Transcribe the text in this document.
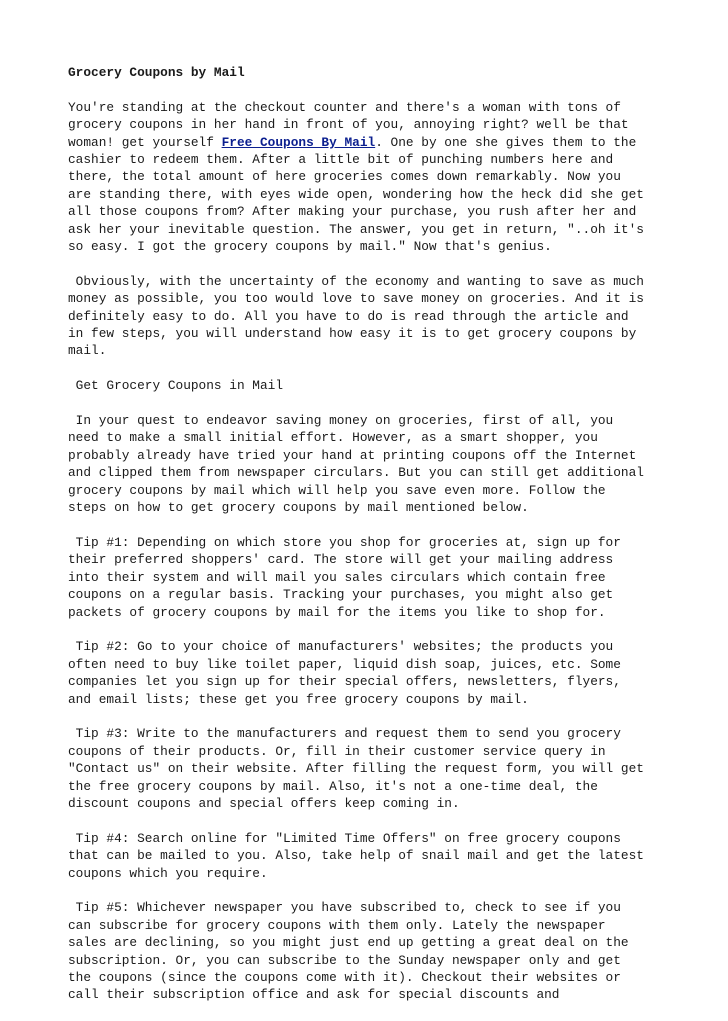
Grocery Coupons by Mail
You're standing at the checkout counter and there's a woman with tons of
grocery coupons in her hand in front of you, annoying right? well be that
woman! get yourself Free Coupons By Mail. One by one she gives them to the
cashier to redeem them. After a little bit of punching numbers here and
there, the total amount of here groceries comes down remarkably. Now you
are standing there, with eyes wide open, wondering how the heck did she get
all those coupons from? After making your purchase, you rush after her and
ask her your inevitable question. The answer, you get in return, "..oh it's
so easy. I got the grocery coupons by mail." Now that's genius.
Obviously, with the uncertainty of the economy and wanting to save as much
money as possible, you too would love to save money on groceries. And it is
definitely easy to do. All you have to do is read through the article and
in few steps, you will understand how easy it is to get grocery coupons by
mail.
Get Grocery Coupons in Mail
In your quest to endeavor saving money on groceries, first of all, you
need to make a small initial effort. However, as a smart shopper, you
probably already have tried your hand at printing coupons off the Internet
and clipped them from newspaper circulars. But you can still get additional
grocery coupons by mail which will help you save even more. Follow the
steps on how to get grocery coupons by mail mentioned below.
Tip #1: Depending on which store you shop for groceries at, sign up for
their preferred shoppers' card. The store will get your mailing address
into their system and will mail you sales circulars which contain free
coupons on a regular basis. Tracking your purchases, you might also get
packets of grocery coupons by mail for the items you like to shop for.
Tip #2: Go to your choice of manufacturers' websites; the products you
often need to buy like toilet paper, liquid dish soap, juices, etc. Some
companies let you sign up for their special offers, newsletters, flyers,
and email lists; these get you free grocery coupons by mail.
Tip #3: Write to the manufacturers and request them to send you grocery
coupons of their products. Or, fill in their customer service query in
"Contact us" on their website. After filling the request form, you will get
the free grocery coupons by mail. Also, it's not a one-time deal, the
discount coupons and special offers keep coming in.
Tip #4: Search online for "Limited Time Offers" on free grocery coupons
that can be mailed to you. Also, take help of snail mail and get the latest
coupons which you require.
Tip #5: Whichever newspaper you have subscribed to, check to see if you
can subscribe for grocery coupons with them only. Lately the newspaper
sales are declining, so you might just end up getting a great deal on the
subscription. Or, you can subscribe to the Sunday newspaper only and get
the coupons (since the coupons come with it). Checkout their websites or
call their subscription office and ask for special discounts and
